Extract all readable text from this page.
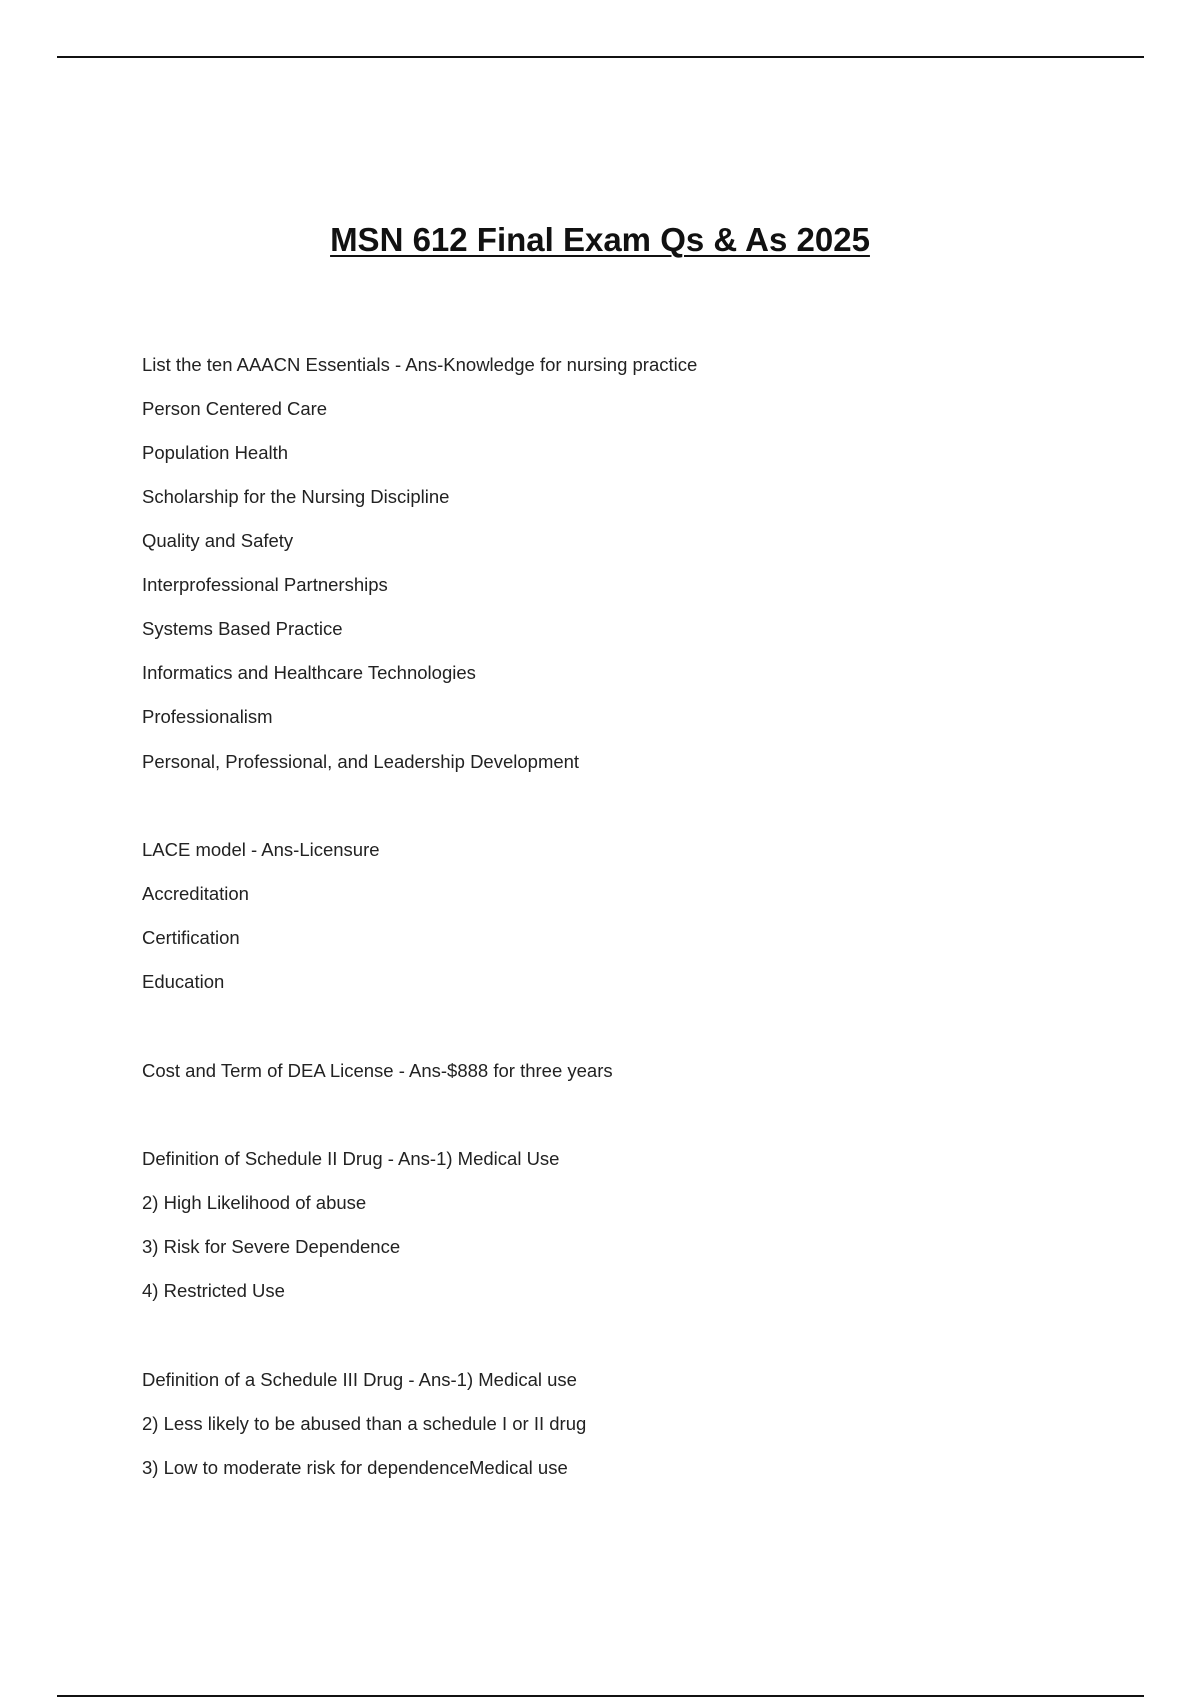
MSN 612 Final Exam Qs & As 2025
List the ten AAACN Essentials - Ans-Knowledge for nursing practice
Person Centered Care
Population Health
Scholarship for the Nursing Discipline
Quality and Safety
Interprofessional Partnerships
Systems Based Practice
Informatics and Healthcare Technologies
Professionalism
Personal, Professional, and Leadership Development
LACE model - Ans-Licensure
Accreditation
Certification
Education
Cost and Term of DEA License - Ans-$888 for three years
Definition of Schedule II Drug - Ans-1) Medical Use
2) High Likelihood of abuse
3) Risk for Severe Dependence
4) Restricted Use
Definition of a Schedule III Drug - Ans-1) Medical use
2) Less likely to be abused than a schedule I or II drug
3) Low to moderate risk for dependenceMedical use
